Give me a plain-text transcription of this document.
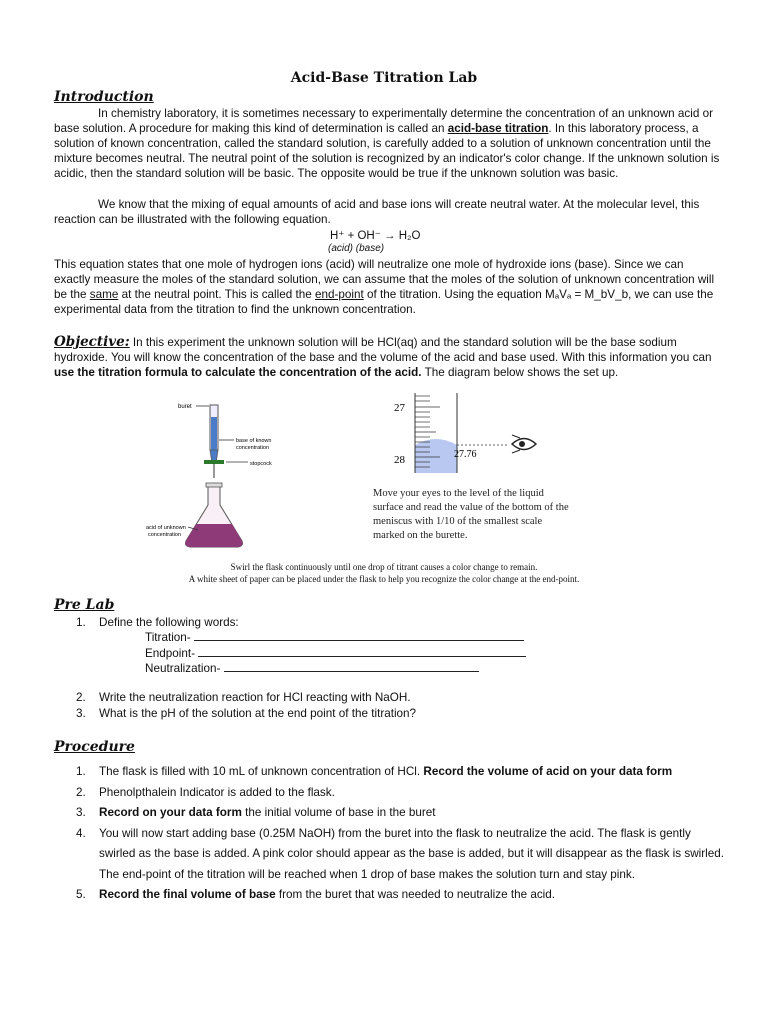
Acid-Base Titration Lab
Introduction

In chemistry laboratory, it is sometimes necessary to experimentally determine the concentration of an unknown acid or base solution. A procedure for making this kind of determination is called an acid-base titration. In this laboratory process, a solution of known concentration, called the standard solution, is carefully added to a solution of unknown concentration until the mixture becomes neutral. The neutral point of the solution is recognized by an indicator's color change. If the unknown solution is acidic, then the standard solution will be basic. The opposite would be true if the unknown solution was basic.

We know that the mixing of equal amounts of acid and base ions will create neutral water. At the molecular level, this reaction can be illustrated with the following equation.

H⁺ + OH⁻ → H₂O
(acid) (base)

This equation states that one mole of hydrogen ions (acid) will neutralize one mole of hydroxide ions (base). Since we can exactly measure the moles of the standard solution, we can assume that the moles of the solution of unknown concentration will be the same at the neutral point. This is called the end-point of the titration. Using the equation MₐVₐ = M_bV_b, we can use the experimental data from the titration to find the unknown concentration.

Objective: In this experiment the unknown solution will be HCl(aq) and the standard solution will be the base sodium hydroxide. You will know the concentration of the base and the volume of the acid and base used. With this information you can use the titration formula to calculate the concentration of the acid. The diagram below shows the set up.

buret
base of known
concentration
stopcock
acid of unknown
concentration
27
28	27.76
Move your eyes to the level of the liquid surface and read the value of the bottom of the meniscus with 1/10 of the smallest scale marked on the burette.
Swirl the flask continuously until one drop of titrant causes a color change to remain.
A white sheet of paper can be placed under the flask to help you recognize the color change at the end-point.
Pre Lab
1. Define the following words:
Titration-
Endpoint-
Neutralization-
2. Write the neutralization reaction for HCl reacting with NaOH.
3. What is the pH of the solution at the end point of the titration?
Procedure
1. The flask is filled with 10 mL of unknown concentration of HCl. Record the volume of acid on your data form
2. Phenolpthalein Indicator is added to the flask.
3. Record on your data form the initial volume of base in the buret
4. You will now start adding base (0.25M NaOH) from the buret into the flask to neutralize the acid. The flask is gently swirled as the base is added. A pink color should appear as the base is added, but it will disappear as the flask is swirled. The end-point of the titration will be reached when 1 drop of base makes the solution turn and stay pink.
5. Record the final volume of base from the buret that was needed to neutralize the acid.
